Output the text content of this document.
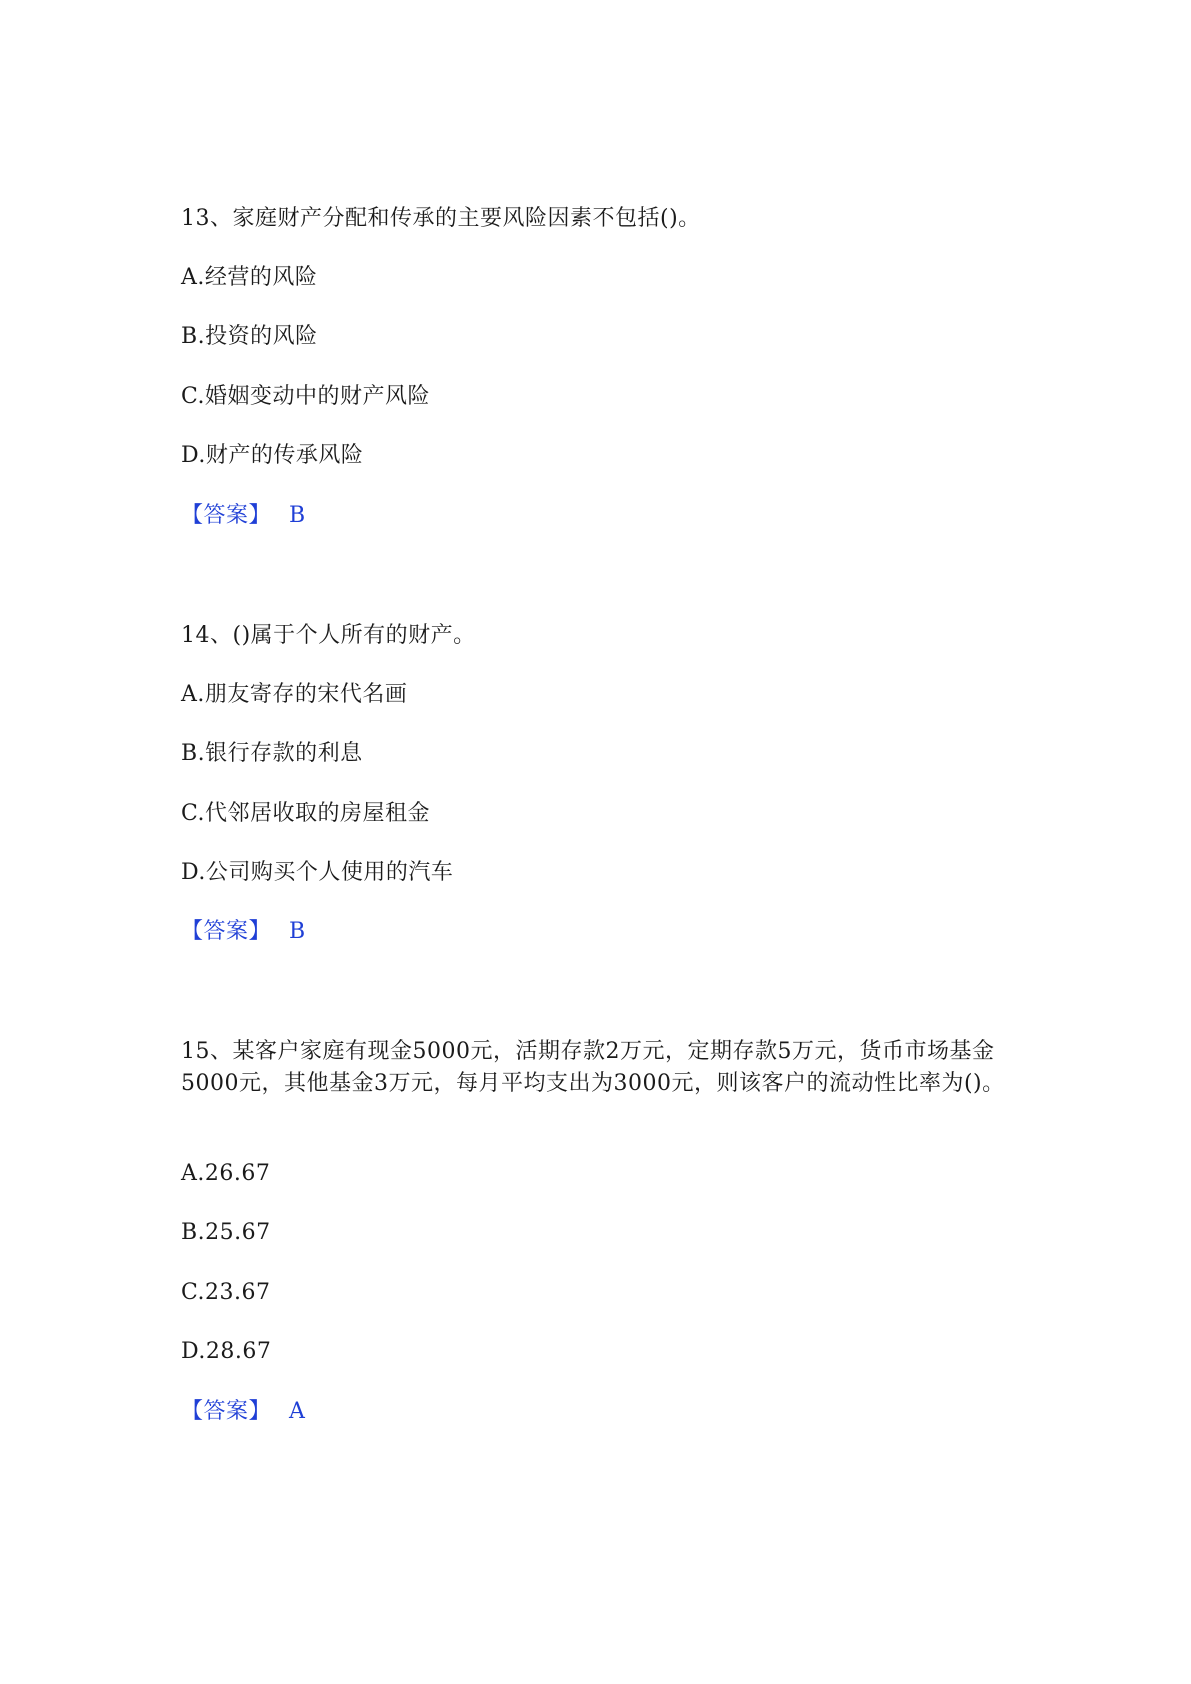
13、家庭财产分配和传承的主要风险因素不包括()。

A.经营的风险

B.投资的风险

C.婚姻变动中的财产风险

D.财产的传承风险

【答案】 B

14、()属于个人所有的财产。

A.朋友寄存的宋代名画

B.银行存款的利息

C.代邻居收取的房屋租金

D.公司购买个人使用的汽车

【答案】 B

15、某客户家庭有现金5000元，活期存款2万元，定期存款5万元，货币市场基金5000元，其他基金3万元，每月平均支出为3000元，则该客户的流动性比率为()。

A.26.67

B.25.67

C.23.67

D.28.67

【答案】 A
